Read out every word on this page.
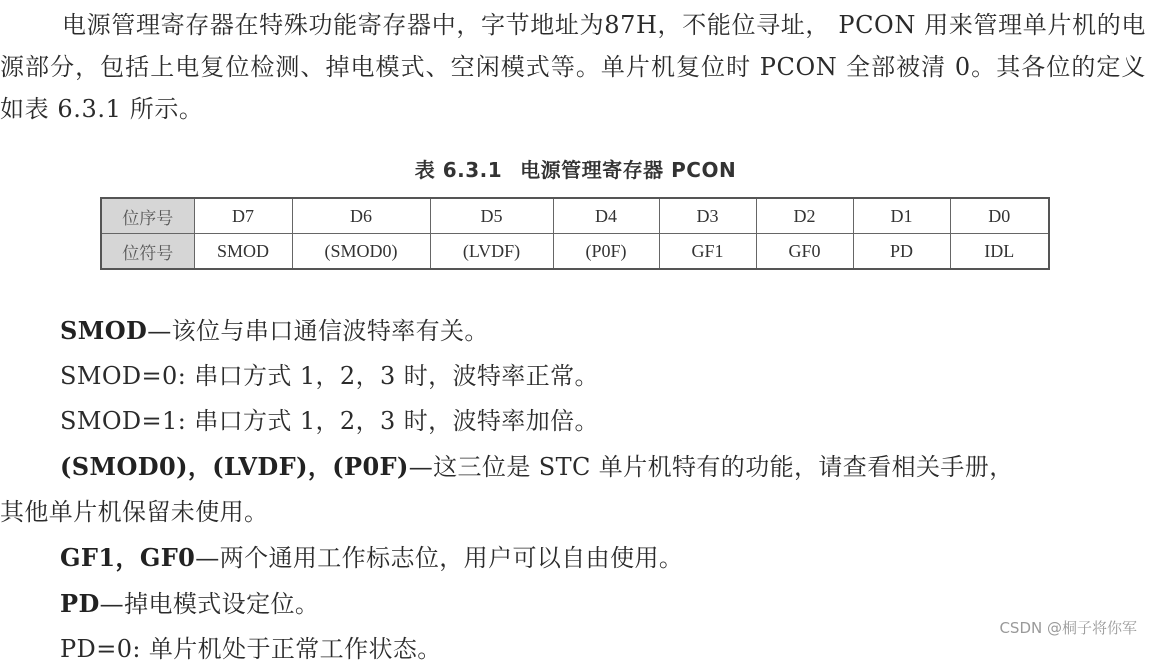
电源管理寄存器在特殊功能寄存器中，字节地址为87H，不能位寻址， PCON 用来管理单片机的电源部分，包括上电复位检测、掉电模式、空闲模式等。单片机复位时 PCON 全部被清 0。其各位的定义如表 6.3.1 所示。

表 6.3.1 电源管理寄存器 PCON
位序号	D7	D6	D5	D4	D3	D2	D1	D0
位符号	SMOD	(SMOD0)	(LVDF)	(P0F)	GF1	GF0	PD	IDL
SMOD—该位与串口通信波特率有关。
SMOD=0: 串口方式 1，2，3 时，波特率正常。
SMOD=1: 串口方式 1，2，3 时，波特率加倍。
(SMOD0)，(LVDF)，(P0F)—这三位是 STC 单片机特有的功能，请查看相关手册，
其他单片机保留未使用。
GF1，GF0—两个通用工作标志位，用户可以自由使用。
PD—掉电模式设定位。
PD=0: 单片机处于正常工作状态。
CSDN @桐子将你军
